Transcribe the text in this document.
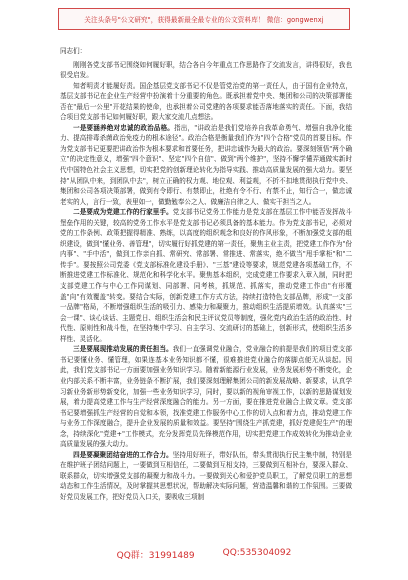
关注头条号"公文研究"，获得最新最全最专业的公文资料库！ 微信：gongwenxj

同志们：

刚刚各党支部书记围绕如何履好职，结合各自今年重点工作思路作了交流发言，讲得很好，我也很受启发。

知者明责才能履好责。国企基层党支部书记不仅是管党治党的第一责任人，由于国有企业特点，基层支部书记在企业生产经营中扮演着十分重要的角色。既承担着党中央、集团和公司的决策部署能否在"最后一公里"开花结果的使命，也承担着公司党建的各项要求能否落地落实的责任。下面，我结合项目党支部书记如何履好职，跟大家交流几点想法。

一是要涵养绝对忠诚的政治品格。指出，"讲政治是我们党培养自我革命勇气、增强自我净化能力、提高排毒杀菌政治免疫力的根本途径"。政治合格是衡量我们作为"四个合格"党员的首要目标。作为党支部书记更要把讲政治作为根本要求和首要任务，把讲忠诚作为最大的政治。要深刻领悟"两个确立"的决定性意义，增强"四个意识"、坚定"四个自信"、做到"两个维护"，坚持不懈学懂弄通做实新时代中国特色社会主义思想，切实把党的创新理论转化为指导实践、推动高质量发展的强大动力。要坚持"从团队中来，到团队中去"，树立正确的权力观、地位观、利益观，不折不扣地贯彻执行党中央、集团和公司各项决策部署，做到有令即行、有禁即止，杜绝有令不行、有禁不止，知行合一，做忠诚老实的人，言行一致，表里如一，做勤勉奉公之人、做廉洁自律之人、做实干担当之人。

二是要成为党建工作的行家里手。党支部书记党务工作能力是党支部在基层工作中能否发挥战斗堡垒作用的关键，较高的党务工作水平是党支部书记必须具备的基本能力。作为党支部书记，必须对党的工作条例、政策把握得精准、熟练，以高度的组织观念和良好的作风形象，不断加强党支部的组织建设，做到"懂业务、善管理"，切实履行好抓党建的第一责任，聚焦主业主责，把党建工作作为"份内事"、"手中活"，做到工作亲自抓、常研究、常部署、常推进、常落实，绝不做当"甩手掌柜"和"二传手"。要按照公司党委《党支部标准化建设手册》、"三基"建设等要求，规范党建各项基础工作，不断推进党建工作标准化、规范化和科学化水平。聚焦基本组织，完成党建工作要求入章入制，同时把支部党建工作与中心工作同谋划、同部署、同考核，抓规范、抓落实，推动党建工作由"有形覆盖"向"有效覆盖"转变。要结合实际，创新党建工作方式方法，持续打造特色支部品牌，形成"一支部一品牌"格局，不断增强组织生活的吸引力、感染力和凝聚力，推动组织生活提质增效。认真落实"三会一课"、谈心谈话、主题党日、组织生活会和民主评议党员等制度，强化党内政治生活的政治性、时代性、原则性和战斗性，在坚持集中学习、自主学习、交流研讨的基础上，创新形式，使组织生活多样性、灵活化。

三是要展现推动发展的责任担当。我们一直强调党业融合，党业融合的前提是我们的项目党支部书记要懂业务、懂管理，如果连基本业务知识都不懂，很难推进党业融合的落脚点便无从谈起。因此，我们党支部书记一方面要加强业务知识学习。随着新能源行业发展，业务发展形势不断变化，企业内部关系不断丰富，业务链条不断扩展，我们要深刻理解集团公司的新发展战略、新要求，认真学习新业务新形势新变化，加强一些业务知识学习，同时，要以新的视角审视工作，以新的思路谋划发展，着力提高党建工作与生产经营深度融合的能力。另一方面，要在推进党业融合上做文章。党支部书记要增强抓生产经营的自觉和本领，找准党建工作服务中心工作的切入点和着力点，推动党建工作与业务工作深度融合，提升企业发展的质量和效益。要坚持"围绕生产抓党建，抓好党建促生产"的理念，持续深化"党建+"工作模式，充分发挥党员先锋模范作用，切实把党建工作成效转化为推动企业高质量发展的强大动力。

四是要凝聚团结奋进的工作合力。坚持用好班子，带好队伍，带头贯彻执行民主集中制，特别是在维护班子团结问题上，一要做到互相信任，二要做到互相支持，三要做到互相补台，要深入群众、联系群众，切实增强党支部的凝聚力和战斗力。一要做到关心和爱护党员职工，了解党员职工的思想动态和工作生活情况，及时掌握其思想状况，帮助解决实际问题，营造温馨和谐的工作氛围。三要做好党员发展工作，把好党员入口关，要吸收三项制

QQ群：31991489	QQ:535304092
